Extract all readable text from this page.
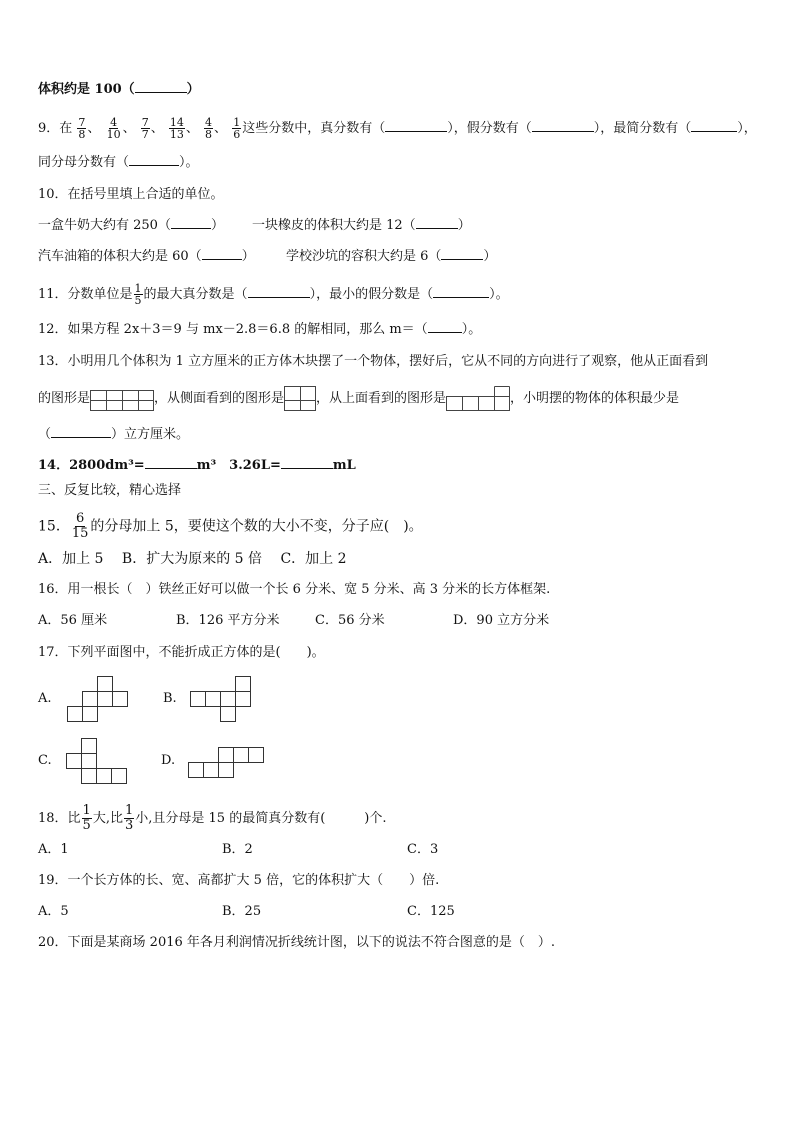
体积约是 100（	）
9．在 $\frac{7}{8}$ 、 $\frac{4}{10}$ 、 $\frac{7}{7}$ 、 $\frac{14}{13}$ 、 $\frac{4}{8}$ 、 $\frac{1}{6}$ 这些分数中，真分数有（	），假分数有（	），最简分数有（	），
同分母分数有（	）。
10．在括号里填上合适的单位。
一盒牛奶大约有 250（	） 一块橡皮的体积大约是 12（	）
汽车油箱的体积大约是 60（	） 学校沙坑的容积大约是 6（	）
11．分数单位是 $\frac{1}{5}$ 的最大真分数是（	），最小的假分数是（	）。
12．如果方程 2x＋3＝9 与 mx－2.8＝6.8 的解相同，那么 m＝（	）。
13．小明用几个体积为 1 立方厘米的正方体木块摆了一个物体，摆好后，它从不同的方向进行了观察，他从正面看到
的图形是	，从侧面看到的图形是 ，从上面看到的图形是	，小明摆的物体的体积最少是
（	）立方厘米。
14．2800dm³=	m³　3.26L=	mL
三、反复比较，精心选择
15． $\frac{6}{15}$ 的分母加上 5，要使这个数的大小不变，分子应(　)。
A．加上 5　 B．扩大为原来的 5 倍　 C．加上 2
16．用一根长（　）铁丝正好可以做一个长 6 分米、宽 5 分米、高 3 分米的长方体框架.
A．56 厘米	B．126 平方分米	C．56 分米	D．90 立方分米
17．下列平面图中，不能折成正方体的是(　　)。
A.	B.
C.	D.
18．比 $\frac{1}{5}$ 大,比 $\frac{1}{3}$ 小,且分母是 15 的最简真分数有(　　　)个.
A．1	B．2	C．3
19．一个长方体的长、宽、高都扩大 5 倍，它的体积扩大（　　）倍.
A．5	B．25	C．125
20．下面是某商场 2016 年各月利润情况折线统计图，以下的说法不符合图意的是（　）.
